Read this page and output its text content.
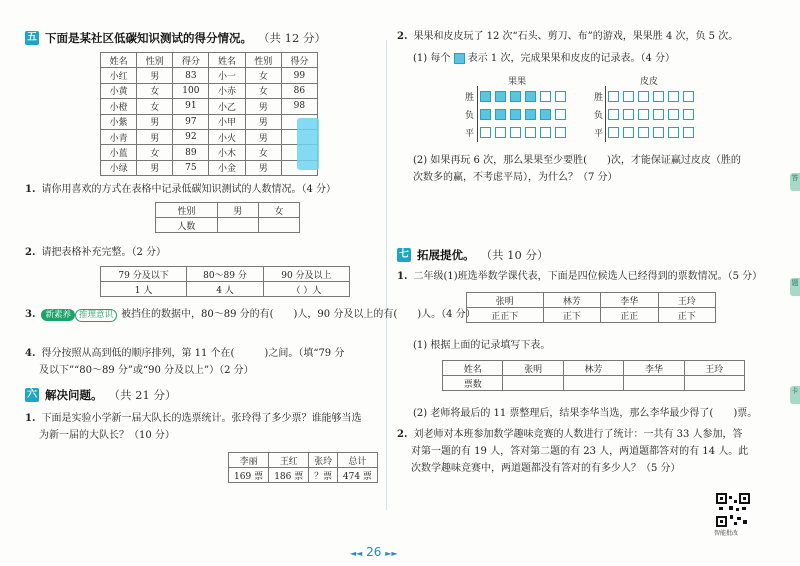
五 下面是某社区低碳知识测试的得分情况。 （共 12 分）
姓名	性别	得分	姓名	性别	得分
小红	男	83	小一	女	99
小黄	女	100	小赤	女	86
小橙	女	91	小乙	男	98
小紫	男	97	小甲	男	
小青	男	92	小火	男	
小蓝	女	89	小木	女	
小绿	男	75	小金	男	
1. 请你用喜欢的方式在表格中记录低碳知识测试的人数情况。（4 分）
性别	男	女
人数		
2. 请把表格补充完整。（2 分）
79 分及以下	80～89 分	90 分及以上
1 人	4 人	（ ）人
3. 新素养 推理意识 被挡住的数据中，80～89 分的有(　　)人，90 分及以上的有(　　)人。（4 分）
4. 得分按照从高到低的顺序排列，第 11 个在(　　　)之间。（填“79 分
及以下”“80～89 分”或“90 分及以上”）（2 分）
六 解决问题。 （共 21 分）
1. 下面是实验小学新一届大队长的选票统计。张玲得了多少票？谁能够当选
为新一届的大队长？（10 分）
李丽	王红	张玲	总计
169 票	186 票	？票	474 票
2. 果果和皮皮玩了 12 次“石头、剪刀、布”的游戏，果果胜 4 次，负 5 次。
(1) 每个 表示 1 次，完成果果和皮皮的记录表。（4 分）
果果	皮皮
胜	胜
负	负
平	平
(2) 如果再玩 6 次，那么果果至少要胜(　　)次，才能保证赢过皮皮（胜的
次数多的赢，不考虑平局），为什么？（7 分）
七 拓展提优。 （共 10 分）
1. 二年级(1)班选举数学课代表，下面是四位候选人已经得到的票数情况。（5 分）
张明	林芳	李华	王玲
正正下	正下	正正	正下
(1) 根据上面的记录填写下表。
姓名	张明	林芳	李华	王玲
票数				
(2) 老师将最后的 11 票整理后，结果李华当选，那么李华最少得了(　　)票。
2. 刘老师对本班参加数学趣味竞赛的人数进行了统计：一共有 33 人参加，答
对第一题的有 19 人，答对第二题的有 23 人，两道题都答对的有 14 人。此
次数学趣味竞赛中，两道题都没有答对的有多少人？（5 分）
智能批改
◄◄ 26 ►►
答
题
卡
